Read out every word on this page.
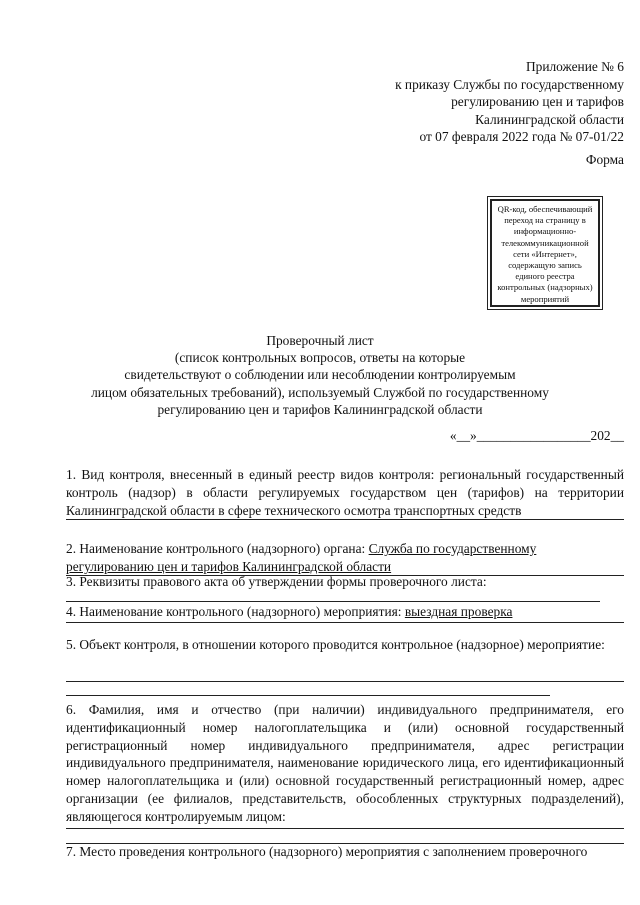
Приложение № 6
к приказу Службы по государственному
регулированию цен и тарифов
Калининградской области
от 07 февраля 2022 года № 07-01/22
Форма
QR-код, обеспечивающий переход на страницу в информационно-телекоммуникационной сети «Интернет», содержащую запись единого реестра контрольных (надзорных) мероприятий
Проверочный лист
(список контрольных вопросов, ответы на которые
свидетельствуют о соблюдении или несоблюдении контролируемым
лицом обязательных требований), используемый Службой по государственному
регулированию цен и тарифов Калининградской области
«__»_________________202__
1. Вид контроля, внесенный в единый реестр видов контроля: региональный государственный контроль (надзор) в области регулируемых государством цен (тарифов) на территории Калининградской области в сфере технического осмотра транспортных средств
2. Наименование контрольного (надзорного) органа: Служба по государственному регулированию цен и тарифов Калининградской области
3. Реквизиты правового акта об утверждении формы проверочного листа:
4. Наименование контрольного (надзорного) мероприятия: выездная проверка
5. Объект контроля, в отношении которого проводится контрольное (надзорное) мероприятие:
6. Фамилия, имя и отчество (при наличии) индивидуального предпринимателя, его идентификационный номер налогоплательщика и (или) основной государственный регистрационный номер индивидуального предпринимателя, адрес регистрации индивидуального предпринимателя, наименование юридического лица, его идентификационный номер налогоплательщика и (или) основной государственный регистрационный номер, адрес организации (ее филиалов, представительств, обособленных структурных подразделений), являющегося контролируемым лицом:
7. Место проведения контрольного (надзорного) мероприятия с заполнением проверочного
